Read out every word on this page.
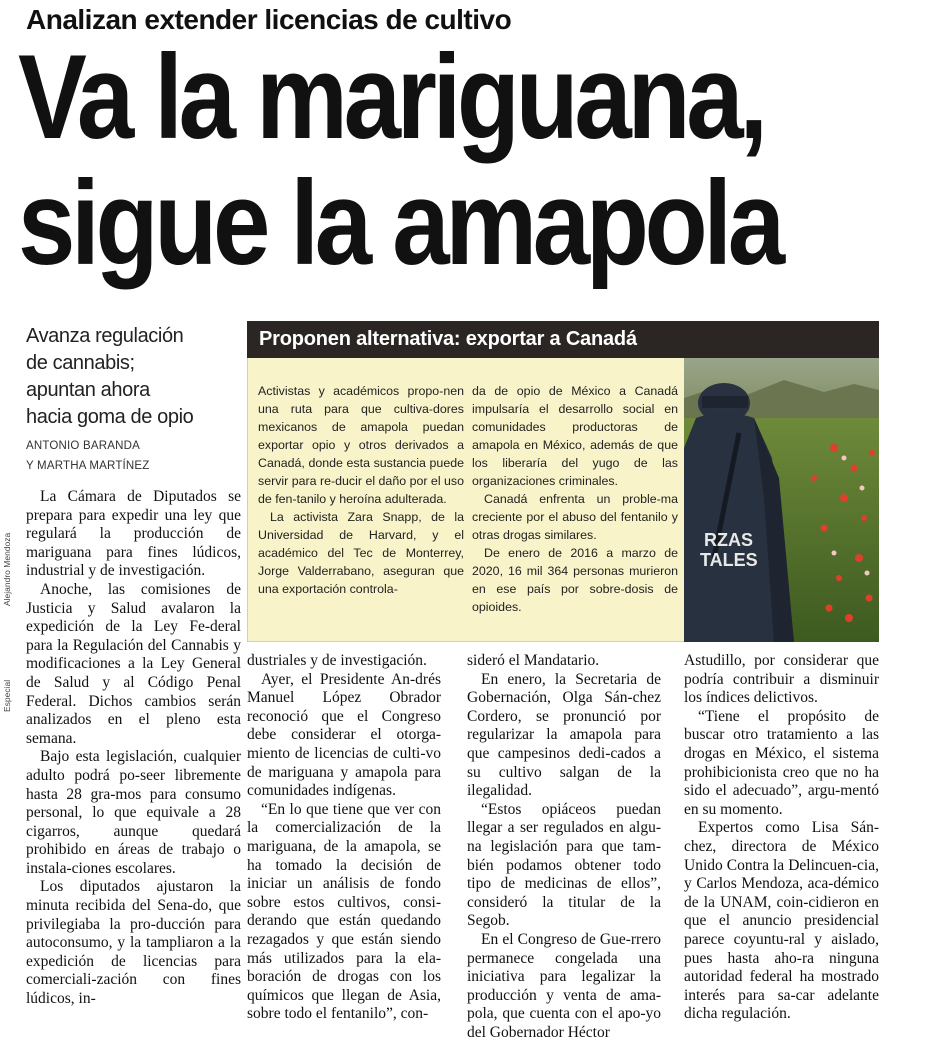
Analizan extender licencias de cultivo
Va la mariguana,
sigue la amapola
Avanza regulación
de cannabis;
apuntan ahora
hacia goma de opio
ANTONIO BARANDA
Y MARTHA MARTÍNEZ
Alejandro Mendoza
Especial
Proponen alternativa: exportar a Canadá

Activistas y académicos propo-nen una ruta para que cultiva-dores mexicanos de amapola puedan exportar opio y otros derivados a Canadá, donde esta sustancia puede servir para re-ducir el daño por el uso de fen-tanilo y heroína adulterada.

La activista Zara Snapp, de la Universidad de Harvard, y el académico del Tec de Monterrey, Jorge Valderrabano, aseguran que una exportación controla-

da de opio de México a Canadá impulsaría el desarrollo social en comunidades productoras de amapola en México, además de que los liberaría del yugo de las organizaciones criminales.

Canadá enfrenta un proble-ma creciente por el abuso del fentanilo y otras drogas similares.

De enero de 2016 a marzo de 2020, 16 mil 364 personas murieron en ese país por sobre-dosis de opioides.

RZAS
TALES

La Cámara de Diputados se prepara para expedir una ley que regulará la producción de mariguana para fines lúdicos, industrial y de investigación.

Anoche, las comisiones de Justicia y Salud avalaron la expedición de la Ley Fe-deral para la Regulación del Cannabis y modificaciones a la Ley General de Salud y al Código Penal Federal. Dichos cambios serán analizados en el pleno esta semana.

Bajo esta legislación, cualquier adulto podrá po-seer libremente hasta 28 gra-mos para consumo personal, lo que equivale a 28 cigarros, aunque quedará prohibido en áreas de trabajo o instala-ciones escolares.

Los diputados ajustaron la minuta recibida del Sena-do, que privilegiaba la pro-ducción para autoconsumo, y la tampliaron a la expedición de licencias para comerciali-zación con fines lúdicos, in-

dustriales y de investigación.

Ayer, el Presidente An-drés Manuel López Obrador reconoció que el Congreso debe considerar el otorga-miento de licencias de culti-vo de mariguana y amapola para comunidades indígenas.

“En lo que tiene que ver con la comercialización de la mariguana, de la amapola, se ha tomado la decisión de iniciar un análisis de fondo sobre estos cultivos, consi-derando que están quedando rezagados y que están siendo más utilizados para la ela-boración de drogas con los químicos que llegan de Asia, sobre todo el fentanilo”, con-

sideró el Mandatario.

En enero, la Secretaria de Gobernación, Olga Sán-chez Cordero, se pronunció por regularizar la amapola para que campesinos dedi-cados a su cultivo salgan de la ilegalidad.

“Estos opiáceos puedan llegar a ser regulados en algu-na legislación para que tam-bién podamos obtener todo tipo de medicinas de ellos”, consideró la titular de la Segob.

En el Congreso de Gue-rrero permanece congelada una iniciativa para legalizar la producción y venta de ama-pola, que cuenta con el apo-yo del Gobernador Héctor

Astudillo, por considerar que podría contribuir a disminuir los índices delictivos.

“Tiene el propósito de buscar otro tratamiento a las drogas en México, el sistema prohibicionista creo que no ha sido el adecuado”, argu-mentó en su momento.

Expertos como Lisa Sán-chez, directora de México Unido Contra la Delincuen-cia, y Carlos Mendoza, aca-démico de la UNAM, coin-cidieron en que el anuncio presidencial parece coyuntu-ral y aislado, pues hasta aho-ra ninguna autoridad federal ha mostrado interés para sa-car adelante dicha regulación.
